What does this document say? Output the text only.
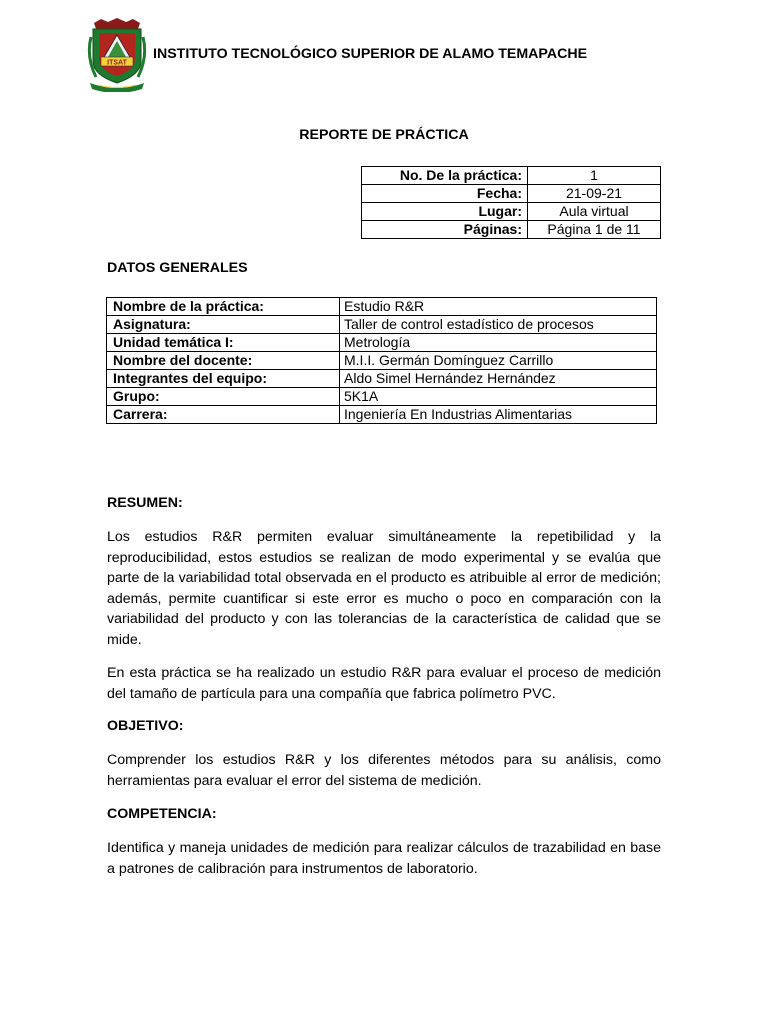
ITSAT
INSTITUTO TECNOLÓGICO SUPERIOR DE ALAMO TEMAPACHE
REPORTE DE PRÁCTICA
No. De la práctica:	1
Fecha:	21-09-21
Lugar:	Aula virtual
Páginas:	Página 1 de 11
DATOS GENERALES
Nombre de la práctica:	Estudio R&R
Asignatura:	Taller de control estadístico de procesos
Unidad temática I:	Metrología
Nombre del docente:	M.I.I. Germán Domínguez Carrillo
Integrantes del equipo:	Aldo Simel Hernández Hernández
Grupo:	5K1A
Carrera:	Ingeniería En Industrias Alimentarias
RESUMEN:

Los estudios R&R permiten evaluar simultáneamente la repetibilidad y la reproducibilidad, estos estudios se realizan de modo experimental y se evalúa que parte de la variabilidad total observada en el producto es atribuible al error de medición; además, permite cuantificar si este error es mucho o poco en comparación con la variabilidad del producto y con las tolerancias de la característica de calidad que se mide.

En esta práctica se ha realizado un estudio R&R para evaluar el proceso de medición del tamaño de partícula para una compañía que fabrica polímetro PVC.

OBJETIVO:

Comprender los estudios R&R y los diferentes métodos para su análisis, como herramientas para evaluar el error del sistema de medición.

COMPETENCIA:

Identifica y maneja unidades de medición para realizar cálculos de trazabilidad en base a patrones de calibración para instrumentos de laboratorio.
